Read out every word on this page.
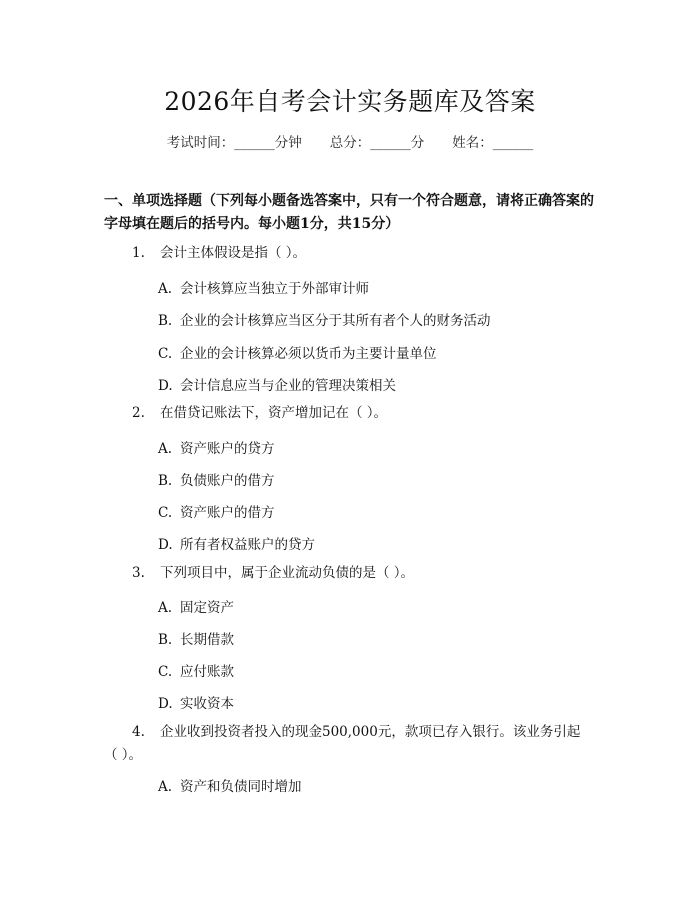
2026年自考会计实务题库及答案
考试时间：______分钟 总分：______分 姓名：______
一、单项选择题（下列每小题备选答案中，只有一个符合题意，请将正确答案的字母填在题后的括号内。每小题1分，共15分）
1. 会计主体假设是指（ ）。
A. 会计核算应当独立于外部审计师
B. 企业的会计核算应当区分于其所有者个人的财务活动
C. 企业的会计核算必须以货币为主要计量单位
D. 会计信息应当与企业的管理决策相关
2. 在借贷记账法下，资产增加记在（ ）。
A. 资产账户的贷方
B. 负债账户的借方
C. 资产账户的借方
D. 所有者权益账户的贷方
3. 下列项目中，属于企业流动负债的是（ ）。
A. 固定资产
B. 长期借款
C. 应付账款
D. 实收资本
4. 企业收到投资者投入的现金500,000元，款项已存入银行。该业务引起
（ ）。
A. 资产和负债同时增加
